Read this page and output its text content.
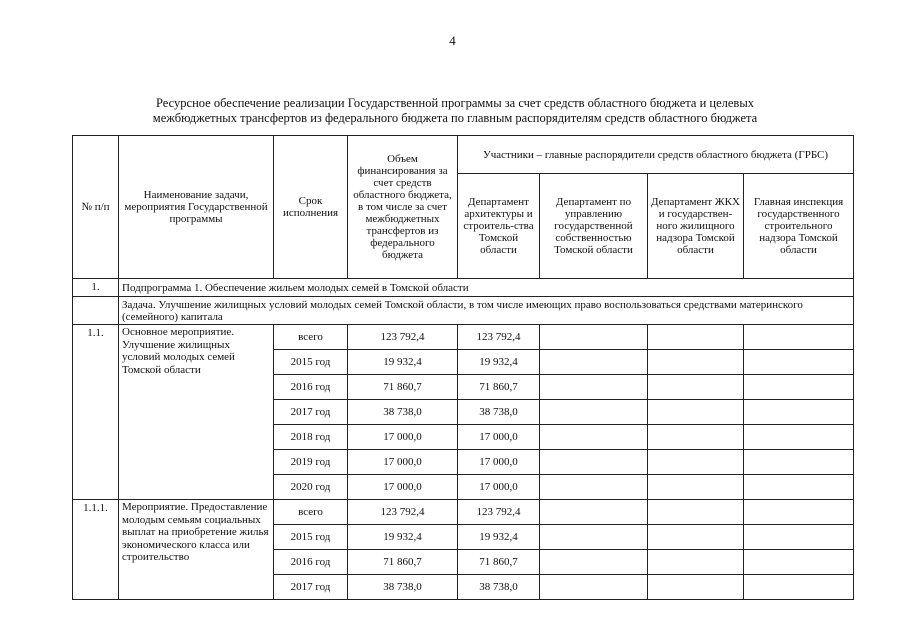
4
Ресурсное обеспечение реализации Государственной программы за счет средств областного бюджета и целевых
межбюджетных трансфертов из федерального бюджета по главным распорядителям средств областного бюджета
№ п/п	Наименование задачи, мероприятия Государственной программы	Срок исполнения	Объем финансирования за счет средств областного бюджета, в том числе за счет межбюджетных трансфертов из федерального бюджета	Участники – главные распорядители средств областного бюджета (ГРБС)			
				Департамент архитектуры и строитель-ства Томской области	Департамент по управлению государственной собственностью Томской области	Департамент ЖКХ и государствен-ного жилищного надзора Томской области	Главная инспекция государственного строительного надзора Томской области
1.	Подпрограмма 1. Обеспечение жильем молодых семей в Томской области						
	Задача. Улучшение жилищных условий молодых семей Томской области, в том числе имеющих право воспользоваться средствами материнского (семейного) капитала						
1.1.	Основное мероприятие. Улучшение жилищных условий молодых семей Томской области	всего	123 792,4	123 792,4			
		2015 год	19 932,4	19 932,4			
		2016 год	71 860,7	71 860,7			
		2017 год	38 738,0	38 738,0			
		2018 год	17 000,0	17 000,0			
		2019 год	17 000,0	17 000,0			
		2020 год	17 000,0	17 000,0			
1.1.1.	Мероприятие. Предоставление молодым семьям социальных выплат на приобретение жилья экономического класса или строительство	всего	123 792,4	123 792,4			
		2015 год	19 932,4	19 932,4			
		2016 год	71 860,7	71 860,7			
		2017 год	38 738,0	38 738,0			
